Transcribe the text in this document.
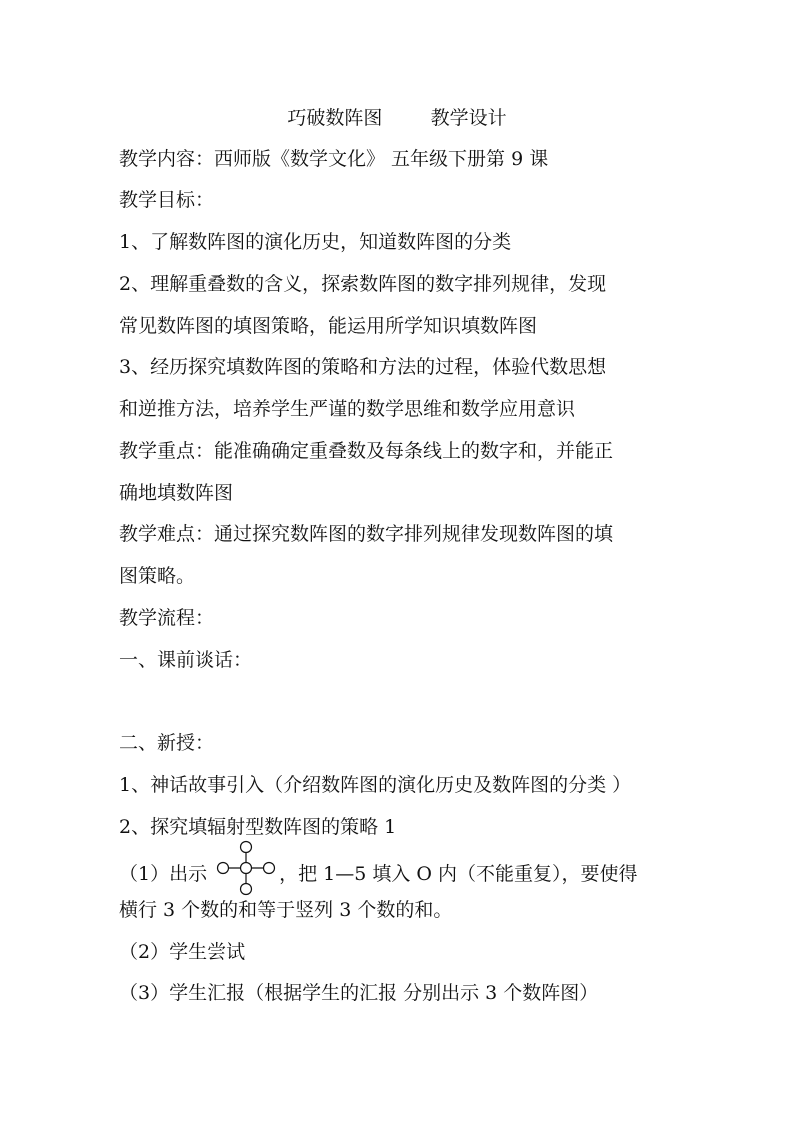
巧破数阵图        教学设计
教学内容：西师版《数学文化》 五年级下册第 9 课
教学目标：
1、了解数阵图的演化历史，知道数阵图的分类
2、理解重叠数的含义，探索数阵图的数字排列规律，发现
常见数阵图的填图策略，能运用所学知识填数阵图
3、经历探究填数阵图的策略和方法的过程，体验代数思想
和逆推方法，培养学生严谨的数学思维和数学应用意识
教学重点：能准确确定重叠数及每条线上的数字和，并能正
确地填数阵图
教学难点：通过探究数阵图的数字排列规律发现数阵图的填
图策略。
教学流程：
一、课前谈话：
二、新授：
1、神话故事引入（介绍数阵图的演化历史及数阵图的分类 ）
2、探究填辐射型数阵图的策略 1
（1）出示	，把 1—5 填入 O 内（不能重复），要使得
横行 3 个数的和等于竖列 3 个数的和。
（2）学生尝试
（3）学生汇报（根据学生的汇报 分别出示 3 个数阵图）
